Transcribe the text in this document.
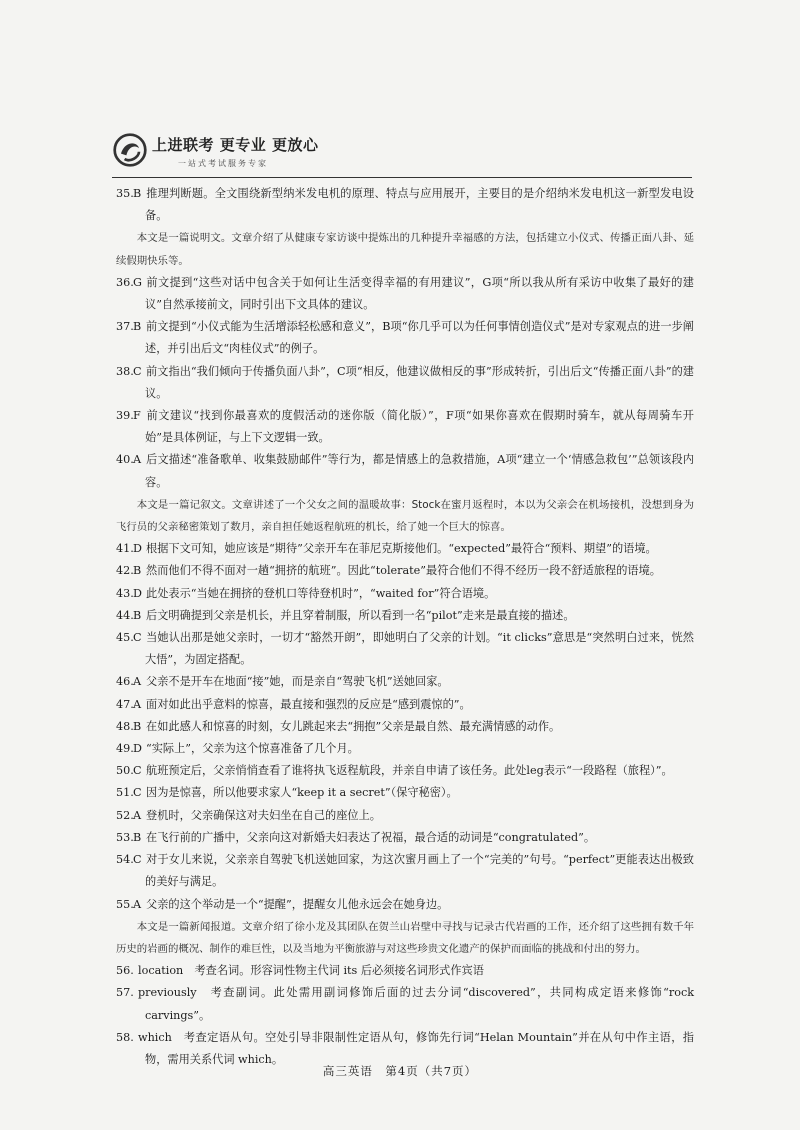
上进联考 更专业 更放心
一站式考试服务专家
35.B 推理判断题。全文围绕新型纳米发电机的原理、特点与应用展开，主要目的是介绍纳米发电机这一新型发电设备。
本文是一篇说明文。文章介绍了从健康专家访谈中提炼出的几种提升幸福感的方法，包括建立小仪式、传播正面八卦、延续假期快乐等。
36.G 前文提到“这些对话中包含关于如何让生活变得幸福的有用建议”，G项“所以我从所有采访中收集了最好的建议”自然承接前文，同时引出下文具体的建议。
37.B 前文提到“小仪式能为生活增添轻松感和意义”，B项“你几乎可以为任何事情创造仪式”是对专家观点的进一步阐述，并引出后文“肉桂仪式”的例子。
38.C 前文指出“我们倾向于传播负面八卦”，C项“相反，他建议做相反的事”形成转折，引出后文“传播正面八卦”的建议。
39.F 前文建议“找到你最喜欢的度假活动的迷你版（简化版）”，F项“如果你喜欢在假期时骑车，就从每周骑车开始”是具体例证，与上下文逻辑一致。
40.A 后文描述“准备歌单、收集鼓励邮件”等行为，都是情感上的急救措施，A项“建立一个‘情感急救包’”总领该段内容。
本文是一篇记叙文。文章讲述了一个父女之间的温暖故事：Stock在蜜月返程时，本以为父亲会在机场接机，没想到身为飞行员的父亲秘密策划了数月，亲自担任她返程航班的机长，给了她一个巨大的惊喜。
41.D 根据下文可知，她应该是“期待”父亲开车在菲尼克斯接他们。“expected”最符合“预料、期望”的语境。
42.B 然而他们不得不面对一趟“拥挤的航班”。因此“tolerate”最符合他们不得不经历一段不舒适旅程的语境。
43.D 此处表示“当她在拥挤的登机口等待登机时”，“waited for”符合语境。
44.B 后文明确提到父亲是机长，并且穿着制服，所以看到一名“pilot”走来是最直接的描述。
45.C 当她认出那是她父亲时，一切才“豁然开朗”，即她明白了父亲的计划。“it clicks”意思是“突然明白过来，恍然大悟”，为固定搭配。
46.A 父亲不是开车在地面“接”她，而是亲自“驾驶飞机”送她回家。
47.A 面对如此出乎意料的惊喜，最直接和强烈的反应是“感到震惊的”。
48.B 在如此感人和惊喜的时刻，女儿跳起来去“拥抱”父亲是最自然、最充满情感的动作。
49.D “实际上”，父亲为这个惊喜准备了几个月。
50.C 航班预定后，父亲悄悄查看了谁将执飞返程航段，并亲自申请了该任务。此处leg表示“一段路程（旅程）”。
51.C 因为是惊喜，所以他要求家人“keep it a secret”（保守秘密）。
52.A 登机时，父亲确保这对夫妇坐在自己的座位上。
53.B 在飞行前的广播中，父亲向这对新婚夫妇表达了祝福，最合适的动词是“congratulated”。
54.C 对于女儿来说，父亲亲自驾驶飞机送她回家，为这次蜜月画上了一个“完美的”句号。“perfect”更能表达出极致的美好与满足。
55.A 父亲的这个举动是一个“提醒”，提醒女儿他永远会在她身边。
本文是一篇新闻报道。文章介绍了徐小龙及其团队在贺兰山岩壁中寻找与记录古代岩画的工作，还介绍了这些拥有数千年历史的岩画的概况、制作的难巨性，以及当地为平衡旅游与对这些珍贵文化遗产的保护而面临的挑战和付出的努力。
56. location　考查名词。形容词性物主代词 its 后必须接名词形式作宾语
57. previously　考查副词。此处需用副词修饰后面的过去分词“discovered”，共同构成定语来修饰“rock carvings”。
58. which　考查定语从句。空处引导非限制性定语从句，修饰先行词“Helan Mountain”并在从句中作主语，指物，需用关系代词 which。
高三英语　第4页（共7页）
